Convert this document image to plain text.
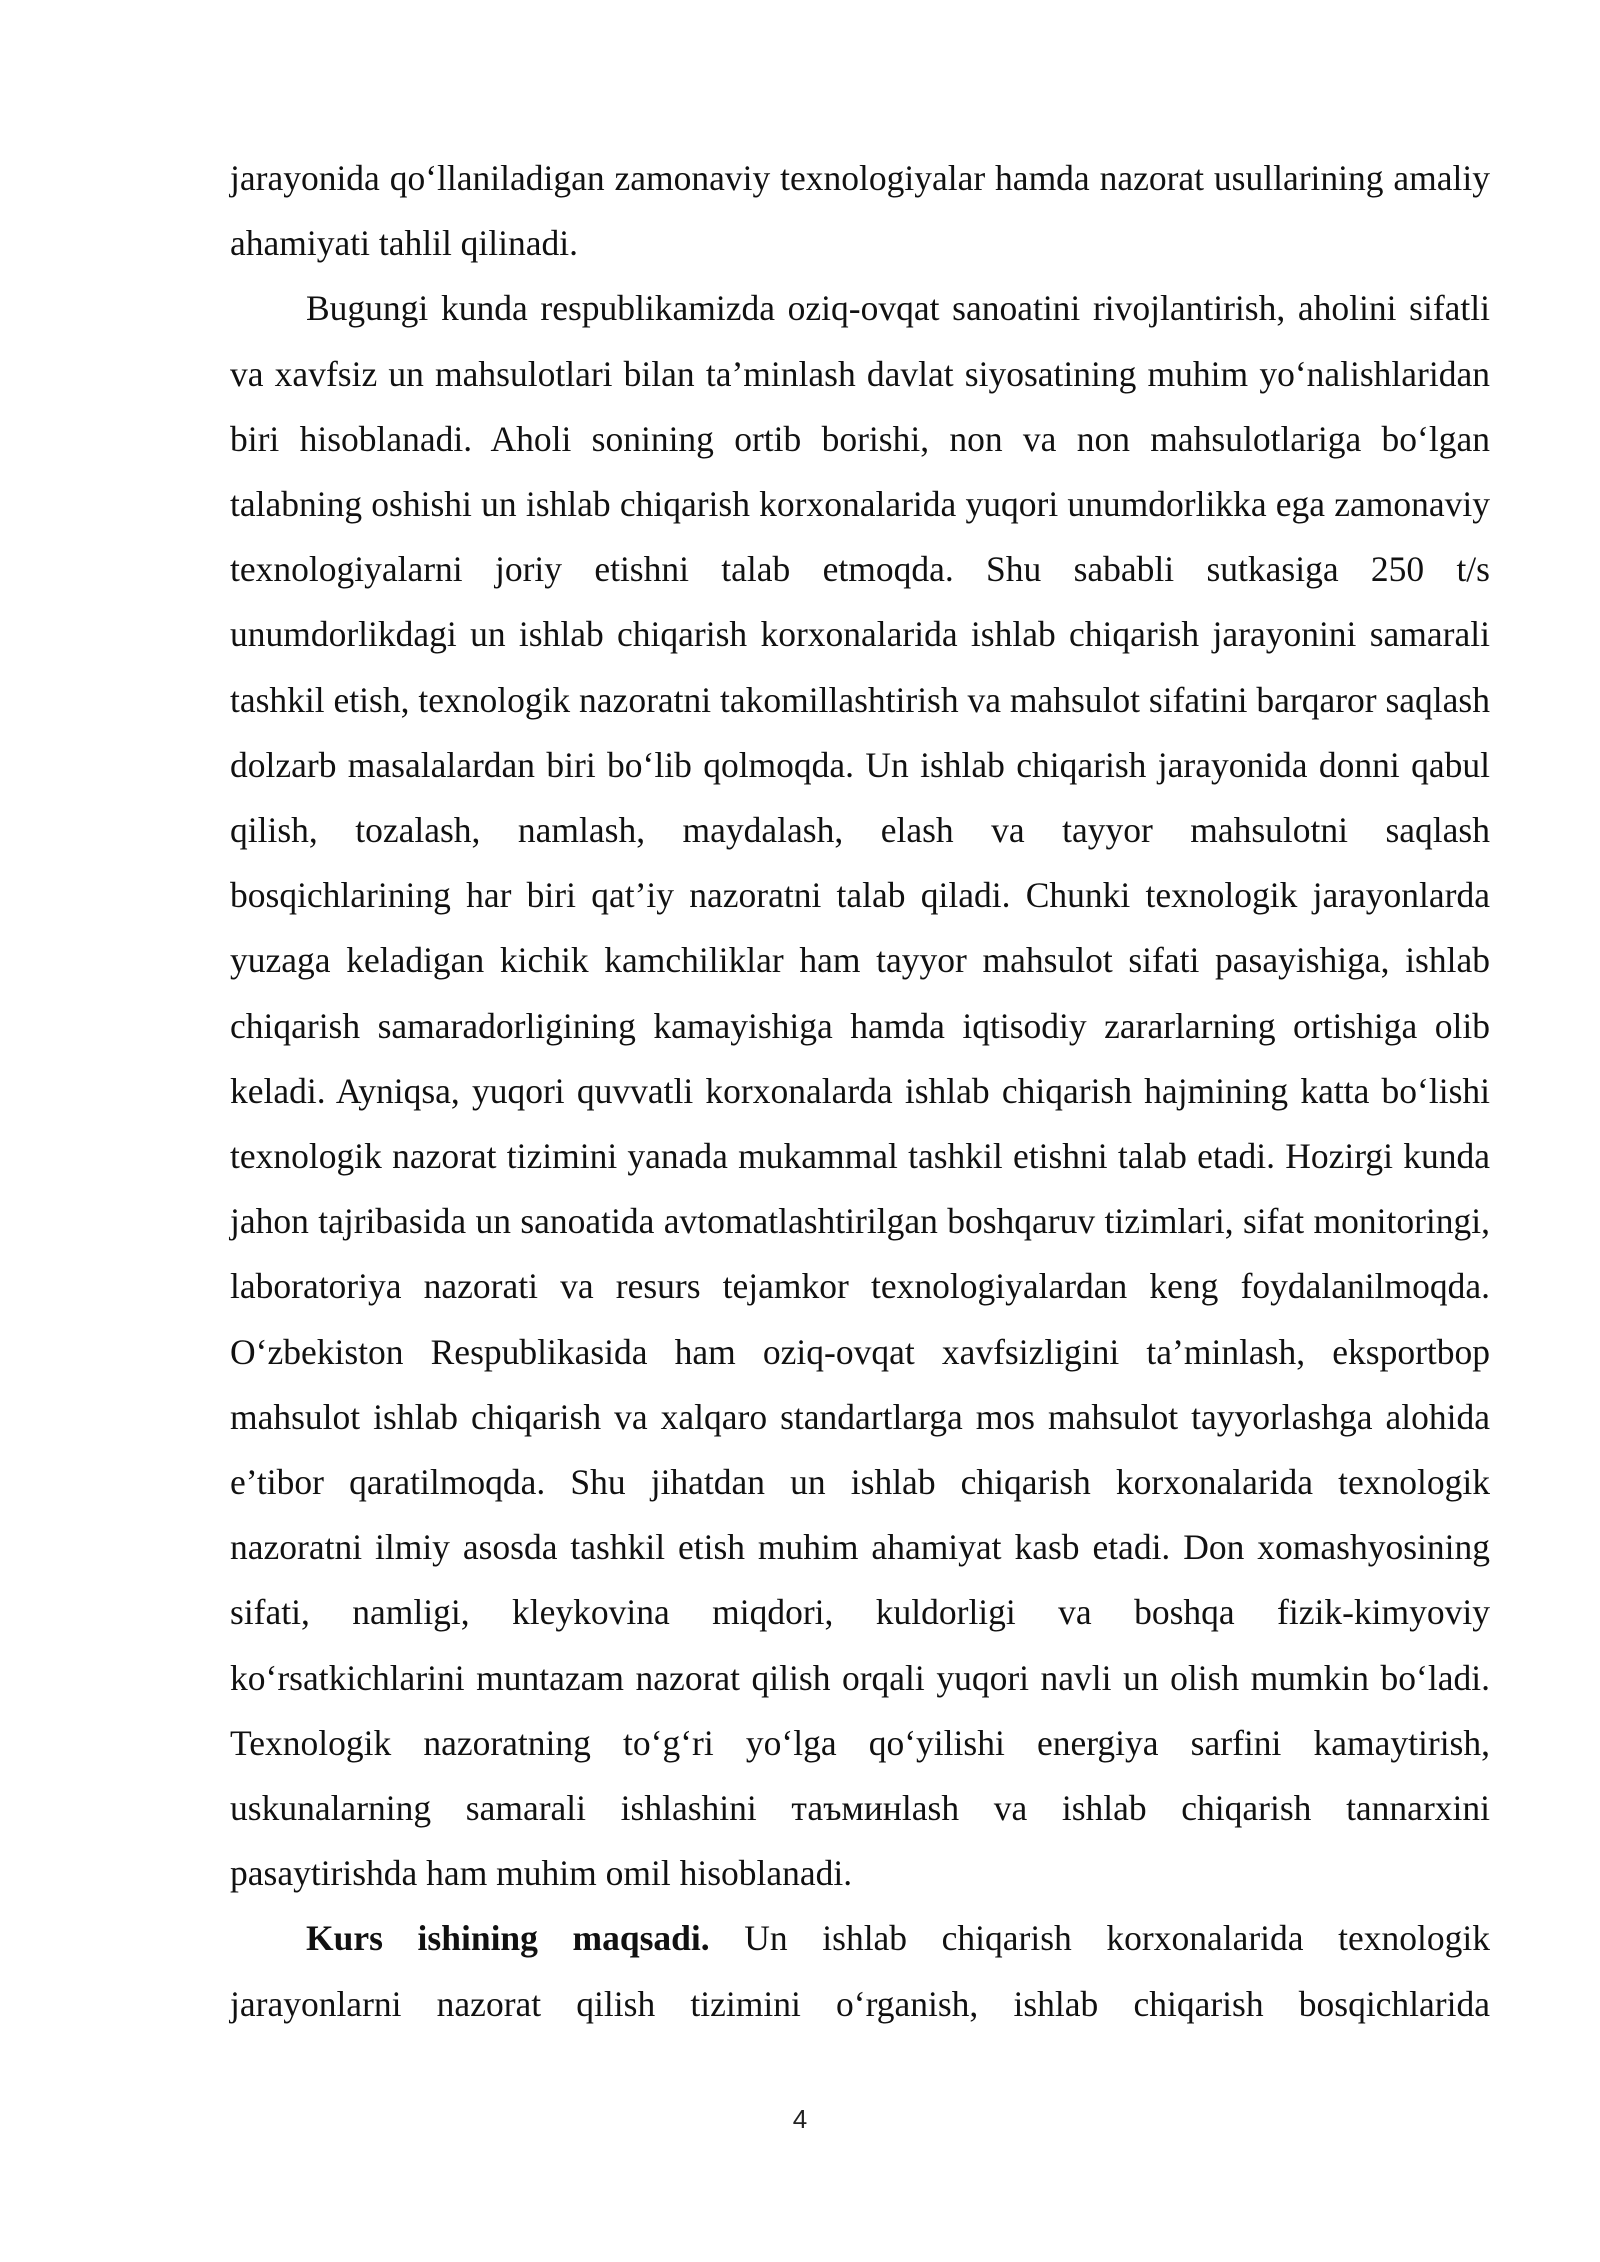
jarayonida qo‘llaniladigan zamonaviy texnologiyalar hamda nazorat usullarining amaliy ahamiyati tahlil qilinadi.

Bugungi kunda respublikamizda oziq-ovqat sanoatini rivojlantirish, aholini sifatli va xavfsiz un mahsulotlari bilan ta’minlash davlat siyosatining muhim yo‘nalishlaridan biri hisoblanadi. Aholi sonining ortib borishi, non va non mahsulotlariga bo‘lgan talabning oshishi un ishlab chiqarish korxonalarida yuqori unumdorlikka ega zamonaviy texnologiyalarni joriy etishni talab etmoqda. Shu sababli sutkasiga 250 t/s unumdorlikdagi un ishlab chiqarish korxonalarida ishlab chiqarish jarayonini samarali tashkil etish, texnologik nazoratni takomillashtirish va mahsulot sifatini barqaror saqlash dolzarb masalalardan biri bo‘lib qolmoqda. Un ishlab chiqarish jarayonida donni qabul qilish, tozalash, namlash, maydalash, elash va tayyor mahsulotni saqlash bosqichlarining har biri qat’iy nazoratni talab qiladi. Chunki texnologik jarayonlarda yuzaga keladigan kichik kamchiliklar ham tayyor mahsulot sifati pasayishiga, ishlab chiqarish samaradorligining kamayishiga hamda iqtisodiy zararlarning ortishiga olib keladi. Ayniqsa, yuqori quvvatli korxonalarda ishlab chiqarish hajmining katta bo‘lishi texnologik nazorat tizimini yanada mukammal tashkil etishni talab etadi. Hozirgi kunda jahon tajribasida un sanoatida avtomatlashtirilgan boshqaruv tizimlari, sifat monitoringi, laboratoriya nazorati va resurs tejamkor texnologiyalardan keng foydalanilmoqda. O‘zbekiston Respublikasida ham oziq-ovqat xavfsizligini ta’minlash, eksportbop mahsulot ishlab chiqarish va xalqaro standartlarga mos mahsulot tayyorlashga alohida e’tibor qaratilmoqda. Shu jihatdan un ishlab chiqarish korxonalarida texnologik nazoratni ilmiy asosda tashkil etish muhim ahamiyat kasb etadi. Don xomashyosining sifati, namligi, kleykovina miqdori, kuldorligi va boshqa fizik-kimyoviy ko‘rsatkichlarini muntazam nazorat qilish orqali yuqori navli un olish mumkin bo‘ladi. Texnologik nazoratning to‘g‘ri yo‘lga qo‘yilishi energiya sarfini kamaytirish, uskunalarning samarali ishlashini таъминlash va ishlab chiqarish tannarxini pasaytirishda ham muhim omil hisoblanadi.

Kurs ishining maqsadi. Un ishlab chiqarish korxonalarida texnologik jarayonlarni nazorat qilish tizimini o‘rganish, ishlab chiqarish bosqichlarida

4
